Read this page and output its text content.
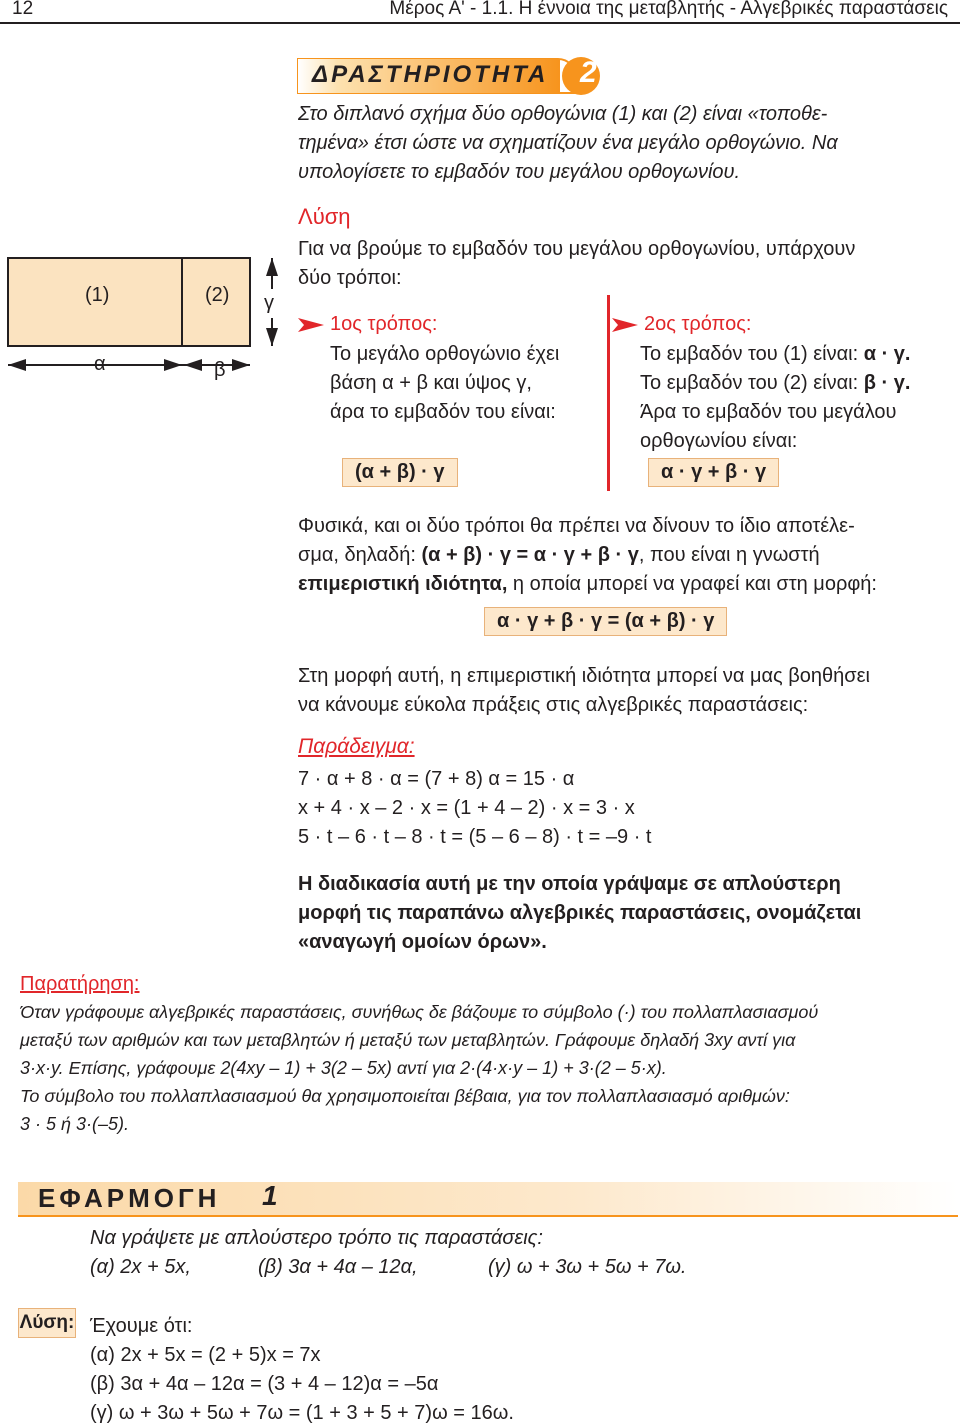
12	Μέρος Α' - 1.1. Η έννοια της μεταβλητής - Αλγεβρικές παραστάσεις
ΔΡΑΣΤΗΡΙΟΤΗΤΑ 2
Στο διπλανό σχήμα δύο ορθογώνια (1) και (2) είναι «τοποθε-
τημένα» έτσι ώστε να σχηματίζουν ένα μεγάλο ορθογώνιο. Να
υπολογίσετε το εμβαδόν του μεγάλου ορθογωνίου.
(1)	(2)
α	β
γ
Λύση
Για να βρούμε το εμβαδόν του μεγάλου ορθογωνίου, υπάρχουν
δύο τρόποι:
1ος τρόπος:
Το μεγάλο ορθογώνιο έχει
βάση α + β και ύψος γ,
άρα το εμβαδόν του είναι:
(α + β) · γ
2ος τρόπος:
Το εμβαδόν του (1) είναι: α · γ.
Το εμβαδόν του (2) είναι: β · γ.
Άρα το εμβαδόν του μεγάλου
ορθογωνίου είναι:
α · γ + β · γ
Φυσικά, και οι δύο τρόποι θα πρέπει να δίνουν το ίδιο αποτέλε-
σμα, δηλαδή: (α + β) · γ = α · γ + β · γ, που είναι η γνωστή
επιμεριστική ιδιότητα, η οποία μπορεί να γραφεί και στη μορφή:
α · γ + β · γ = (α + β) · γ
Στη μορφή αυτή, η επιμεριστική ιδιότητα μπορεί να μας βοηθήσει
να κάνουμε εύκολα πράξεις στις αλγεβρικές παραστάσεις:
Παράδειγμα:
7 · α + 8 · α = (7 + 8) α = 15 · α
x + 4 · x – 2 · x = (1 + 4 – 2) · x = 3 · x
5 · t – 6 · t – 8 · t = (5 – 6 – 8) · t = –9 · t
Η διαδικασία αυτή με την οποία γράψαμε σε απλούστερη
μορφή τις παραπάνω αλγεβρικές παραστάσεις, ονομάζεται
«αναγωγή ομοίων όρων».
Παρατήρηση:
Όταν γράφουμε αλγεβρικές παραστάσεις, συνήθως δε βάζουμε το σύμβολο (·) του πολλαπλασιασμού
μεταξύ των αριθμών και των μεταβλητών ή μεταξύ των μεταβλητών. Γράφουμε δηλαδή 3xy αντί για
3·x·y. Επίσης, γράφουμε 2(4xy – 1) + 3(2 – 5x) αντί για 2·(4·x·y – 1) + 3·(2 – 5·x).
Το σύμβολο του πολλαπλασιασμού θα χρησιμοποιείται βέβαια, για τον πολλαπλασιασμό αριθμών:
3 · 5 ή 3·(–5).
ΕΦΑΡΜΟΓΗ 1
Να γράψετε με απλούστερο τρόπο τις παραστάσεις:
(α) 2x + 5x,	(β) 3α + 4α – 12α,	(γ) ω + 3ω + 5ω + 7ω.
Λύση: Έχουμε ότι:
(α) 2x + 5x = (2 + 5)x = 7x
(β) 3α + 4α – 12α = (3 + 4 – 12)α = –5α
(γ) ω + 3ω + 5ω + 7ω = (1 + 3 + 5 + 7)ω = 16ω.
